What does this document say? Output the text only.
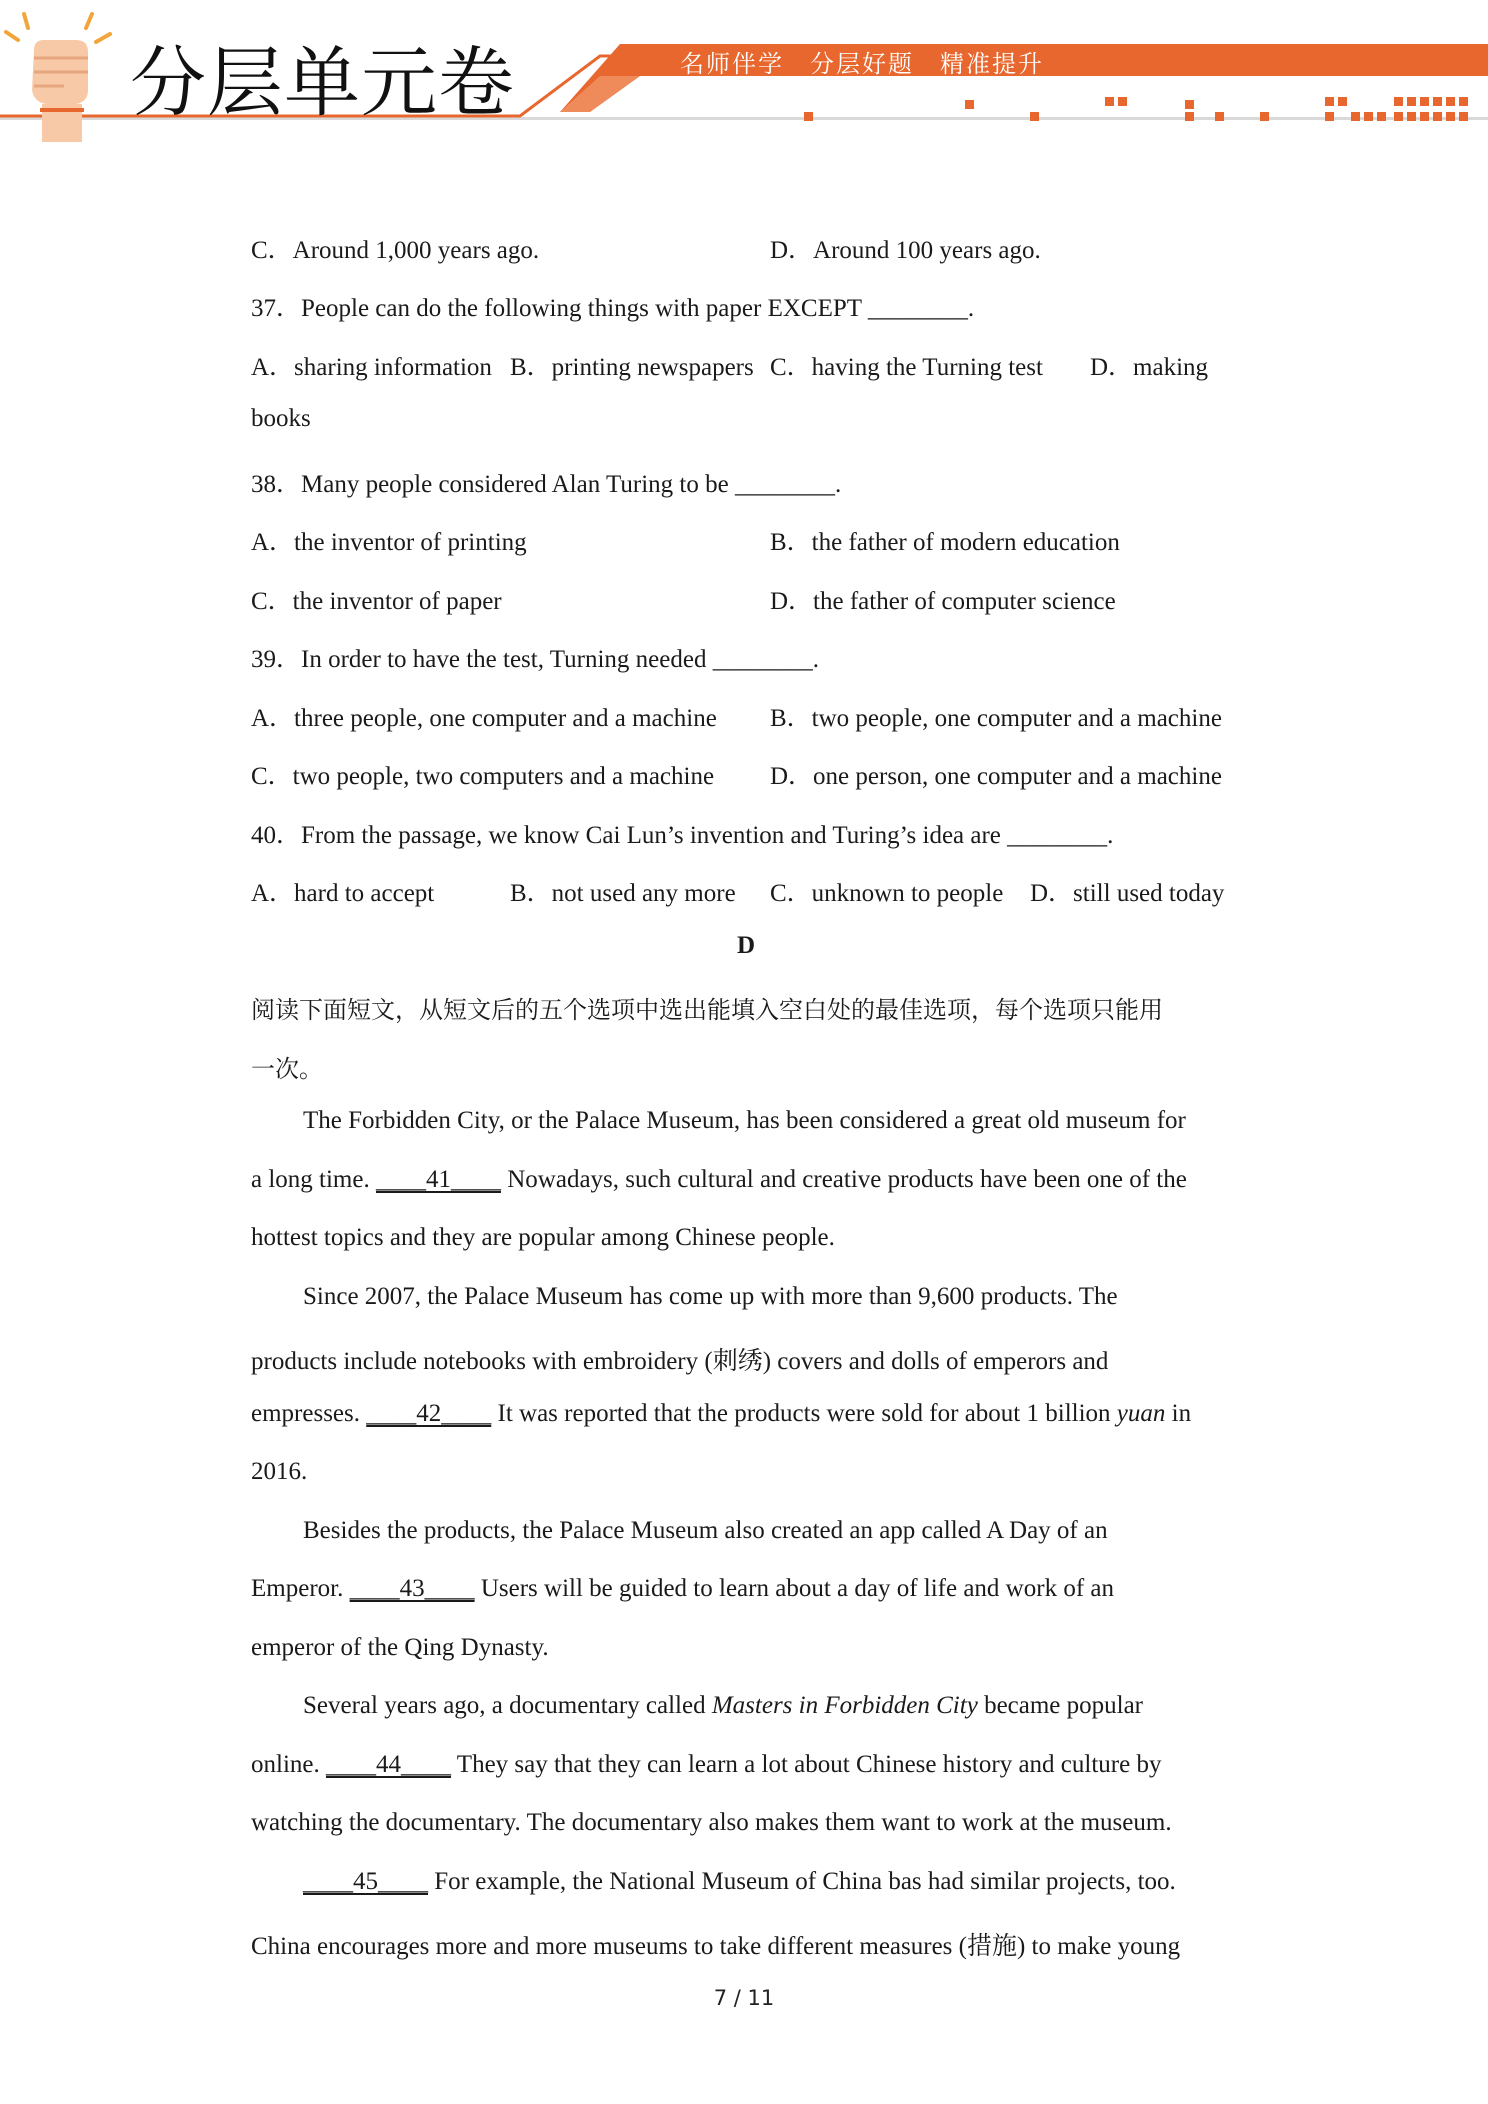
分层单元卷	名师伴学　分层好题　精准提升
C．Around 1,000 years ago.	D．Around 100 years ago.
37．People can do the following things with paper EXCEPT ________.
A．sharing information B．printing newspapers C．having the Turning test D．making
books
38．Many people considered Alan Turing to be ________.
A．the inventor of printing	B．the father of modern education
C．the inventor of paper	D．the father of computer science
39．In order to have the test, Turning needed ________.
A．three people, one computer and a machine B．two people, one computer and a machine
C．two people, two computers and a machine D．one person, one computer and a machine
40．From the passage, we know Cai Lun’s invention and Turing’s idea are ________.
A．hard to accept	B．not used any more C．unknown to people D．still used today
D
阅读下面短文，从短文后的五个选项中选出能填入空白处的最佳选项，每个选项只能用
一次。
The Forbidden City, or the Palace Museum, has been considered a great old museum for
a long time. ____41____ Nowadays, such cultural and creative products have been one of the
hottest topics and they are popular among Chinese people.
Since 2007, the Palace Museum has come up with more than 9,600 products. The
products include notebooks with embroidery (刺绣) covers and dolls of emperors and
empresses. ____42____ It was reported that the products were sold for about 1 billion yuan in
2016.
Besides the products, the Palace Museum also created an app called A Day of an
Emperor. ____43____ Users will be guided to learn about a day of life and work of an
emperor of the Qing Dynasty.
Several years ago, a documentary called Masters in Forbidden City became popular
online. ____44____ They say that they can learn a lot about Chinese history and culture by
watching the documentary. The documentary also makes them want to work at the museum.
____45____ For example, the National Museum of China bas had similar projects, too.
China encourages more and more museums to take different measures (措施) to make young
7 / 11
